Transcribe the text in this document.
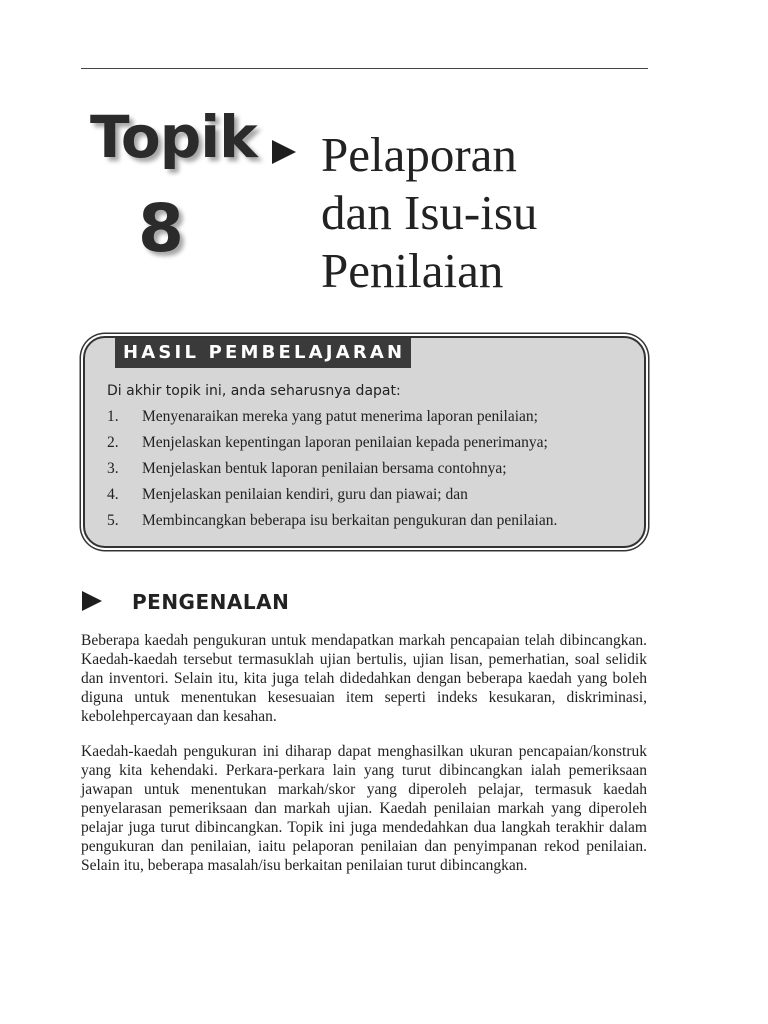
Topik
8
Pelaporan
dan Isu-isu
Penilaian
HASIL PEMBELAJARAN
Di akhir topik ini, anda seharusnya dapat:
1.	Menyenaraikan mereka yang patut menerima laporan penilaian;
2.	Menjelaskan kepentingan laporan penilaian kepada penerimanya;
3.	Menjelaskan bentuk laporan penilaian bersama contohnya;
4.	Menjelaskan penilaian kendiri, guru dan piawai; dan
5.	Membincangkan beberapa isu berkaitan pengukuran dan penilaian.
PENGENALAN

Beberapa kaedah pengukuran untuk mendapatkan markah pencapaian telah dibincangkan. Kaedah-kaedah tersebut termasuklah ujian bertulis, ujian lisan, pemerhatian, soal selidik dan inventori. Selain itu, kita juga telah didedahkan dengan beberapa kaedah yang boleh diguna untuk menentukan kesesuaian item seperti indeks kesukaran, diskriminasi, kebolehpercayaan dan kesahan.

Kaedah-kaedah pengukuran ini diharap dapat menghasilkan ukuran pencapaian/konstruk yang kita kehendaki. Perkara-perkara lain yang turut dibincangkan ialah pemeriksaan jawapan untuk menentukan markah/skor yang diperoleh pelajar, termasuk kaedah penyelarasan pemeriksaan dan markah ujian. Kaedah penilaian markah yang diperoleh pelajar juga turut dibincangkan. Topik ini juga mendedahkan dua langkah terakhir dalam pengukuran dan penilaian, iaitu pelaporan penilaian dan penyimpanan rekod penilaian. Selain itu, beberapa masalah/isu berkaitan penilaian turut dibincangkan.
